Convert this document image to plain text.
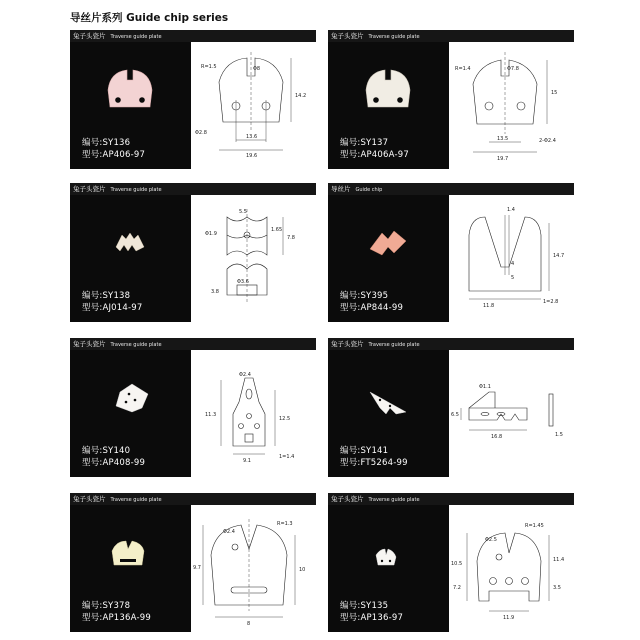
导丝片系列 Guide chip series
兔子头瓷片 Traverse guide plate
编号:SY136
型号:AP406-97
R=1.5	Φ8
14.2
Φ2.8
13.6
19.6
兔子头瓷片 Traverse guide plate
编号:SY137
型号:AP406A-97
R=1.4	Φ7.8
15
13.5
19.7
2-Φ2.4
兔子头瓷片 Traverse guide plate
编号:SY138
型号:AJ014-97
5.5
Φ1.9
1.65
7.8
Φ3.6
3.8
导丝片 Guide chip
编号:SY395
型号:AP844-99
1.4
14.7
4
5
11.8
1=2.8
兔子头瓷片 Traverse guide plate
编号:SY140
型号:AP408-99
Φ2.4
11.3
12.5
9.1
1=1.4
兔子头瓷片 Traverse guide plate
编号:SY141
型号:FT5264-99
Φ1.1
6.5
16.8	1.5
兔子头瓷片 Traverse guide plate
编号:SY378
型号:AP136A-99
Φ2.4
R=1.3
9.7	10
8
兔子头瓷片 Traverse guide plate
编号:SY135
型号:AP136-97
Φ2.5
R=1.45
10.5
7.2
11.4
3.5
11.9
